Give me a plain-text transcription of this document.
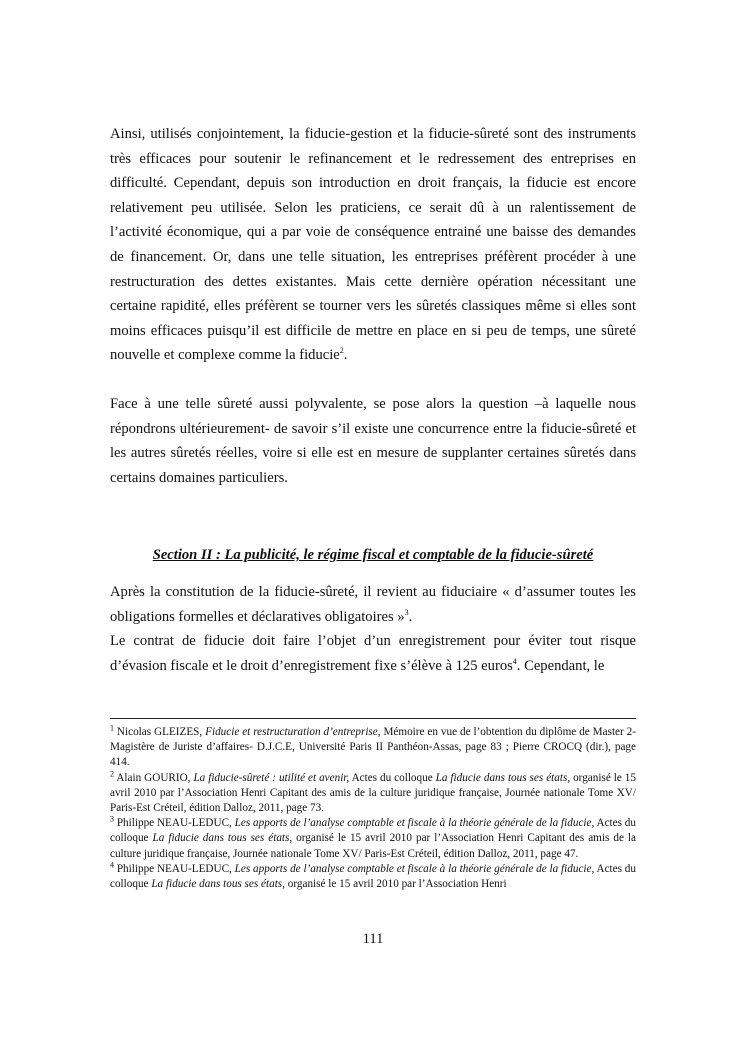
Ainsi, utilisés conjointement, la fiducie-gestion et la fiducie-sûreté sont des instruments très efficaces pour soutenir le refinancement et le redressement des entreprises en difficulté. Cependant, depuis son introduction en droit français, la fiducie est encore relativement peu utilisée. Selon les praticiens, ce serait dû à un ralentissement de l’activité économique, qui a par voie de conséquence entrainé une baisse des demandes de financement. Or, dans une telle situation, les entreprises préfèrent procéder à une restructuration des dettes existantes. Mais cette dernière opération nécessitant une certaine rapidité, elles préfèrent se tourner vers les sûretés classiques même si elles sont moins efficaces puisqu’il est difficile de mettre en place en si peu de temps, une sûreté nouvelle et complexe comme la fiducie$^2$.

Face à une telle sûreté aussi polyvalente, se pose alors la question –à laquelle nous répondrons ultérieurement- de savoir s’il existe une concurrence entre la fiducie-sûreté et les autres sûretés réelles, voire si elle est en mesure de supplanter certaines sûretés dans certains domaines particuliers.

Section II : La publicité, le régime fiscal et comptable de la fiducie-sûreté

Après la constitution de la fiducie-sûreté, il revient au fiduciaire « d’assumer toutes les obligations formelles et déclaratives obligatoires »$^3$.

Le contrat de fiducie doit faire l’objet d’un enregistrement pour éviter tout risque d’évasion fiscale et le droit d’enregistrement fixe s’élève à 125 euros$^4$. Cependant, le

$^1$ Nicolas GLEIZES, Fiducie et restructuration d’entreprise, Mémoire en vue de l’obtention du diplôme de Master 2- Magistère de Juriste d’affaires- D.J.C.E, Université Paris II Panthéon-Assas, page 83 ; Pierre CROCQ (dir.), page 414.

$^2$ Alain GOURIO, La fiducie-sûreté : utilité et avenir, Actes du colloque La fiducie dans tous ses états, organisé le 15 avril 2010 par l’Association Henri Capitant des amis de la culture juridique française, Journée nationale Tome XV/ Paris-Est Créteil, édition Dalloz, 2011, page 73.

$^3$ Philippe NEAU-LEDUC, Les apports de l’analyse comptable et fiscale à la théorie générale de la fiducie, Actes du colloque La fiducie dans tous ses états, organisé le 15 avril 2010 par l’Association Henri Capitant des amis de la culture juridique française, Journée nationale Tome XV/ Paris-Est Créteil, édition Dalloz, 2011, page 47.

$^4$ Philippe NEAU-LEDUC, Les apports de l’analyse comptable et fiscale à la théorie générale de la fiducie, Actes du colloque La fiducie dans tous ses états, organisé le 15 avril 2010 par l’Association Henri

111
